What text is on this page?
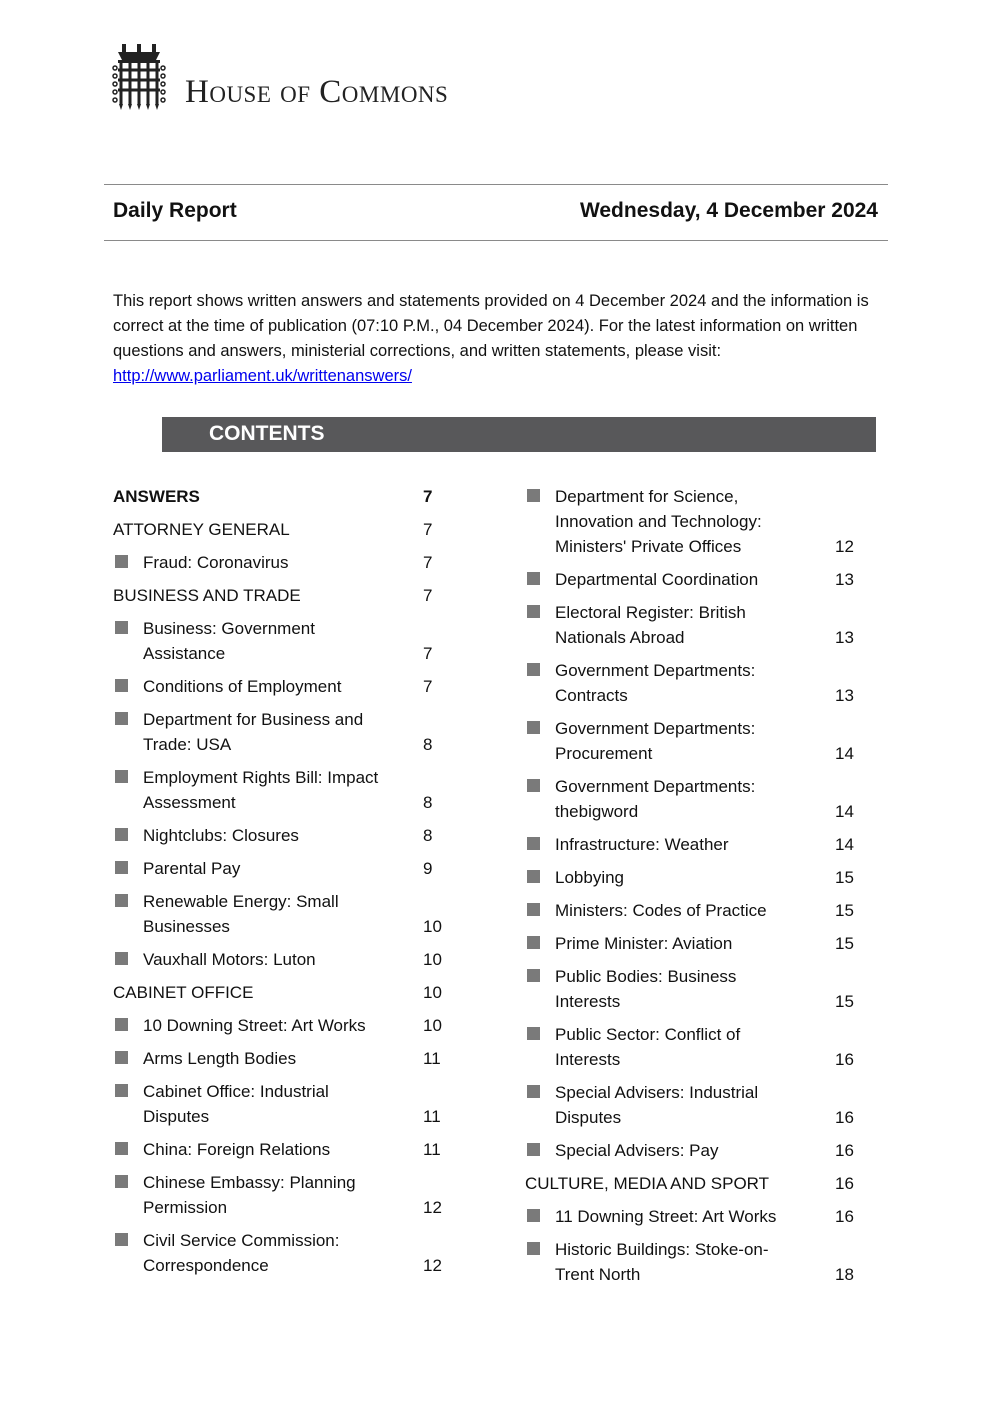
House of Commons
Daily Report	Wednesday, 4 December 2024
This report shows written answers and statements provided on 4 December 2024 and the information is correct at the time of publication (07:10 P.M., 04 December 2024). For the latest information on written questions and answers, ministerial corrections, and written statements, please visit: http://www.parliament.uk/writtenanswers/
CONTENTS
ANSWERS	7
ATTORNEY GENERAL	7
Fraud: Coronavirus	7
BUSINESS AND TRADE	7
Business: Government Assistance	7
Conditions of Employment	7
Department for Business and Trade: USA	8
Employment Rights Bill: Impact Assessment	8
Nightclubs: Closures	8
Parental Pay	9
Renewable Energy: Small Businesses	10
Vauxhall Motors: Luton	10
CABINET OFFICE	10
10 Downing Street: Art Works	10
Arms Length Bodies	11
Cabinet Office: Industrial Disputes	11
China: Foreign Relations	11
Chinese Embassy: Planning Permission	12
Civil Service Commission: Correspondence	12
Department for Science, Innovation and Technology: Ministers' Private Offices	12
Departmental Coordination	13
Electoral Register: British Nationals Abroad	13
Government Departments: Contracts	13
Government Departments: Procurement	14
Government Departments: thebigword	14
Infrastructure: Weather	14
Lobbying	15
Ministers: Codes of Practice	15
Prime Minister: Aviation	15
Public Bodies: Business Interests	15
Public Sector: Conflict of Interests	16
Special Advisers: Industrial Disputes	16
Special Advisers: Pay	16
CULTURE, MEDIA AND SPORT	16
11 Downing Street: Art Works	16
Historic Buildings: Stoke-on-Trent North	18
